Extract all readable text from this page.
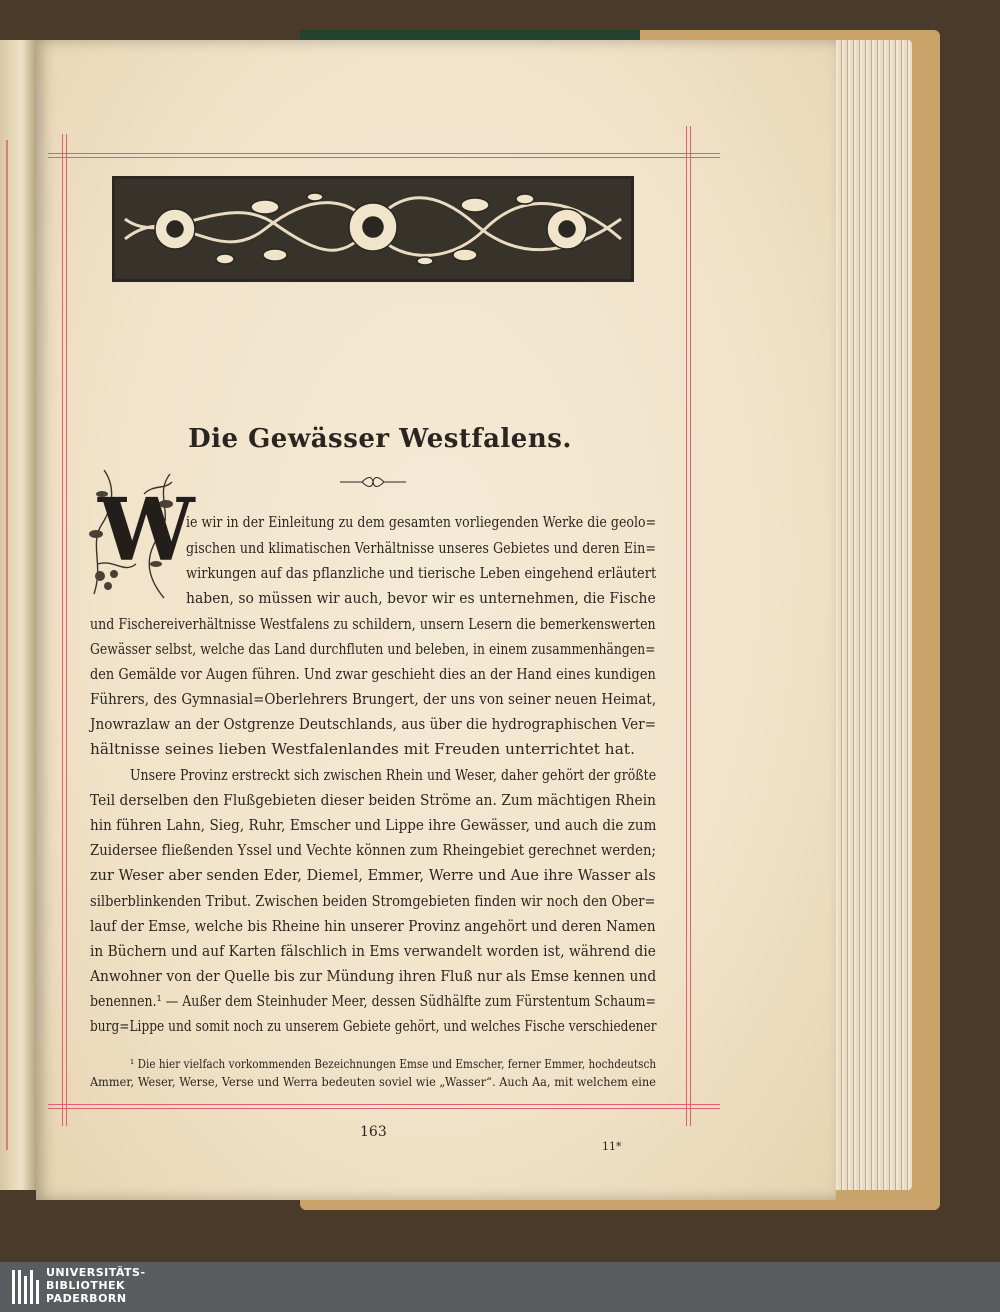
Die Gewässer Westfalens.
W
ie wir in der Einleitung zu dem gesamten vorliegenden Werke die geolo=
gischen und klimatischen Verhältnisse unseres Gebietes und deren Ein=
wirkungen auf das pflanzliche und tierische Leben eingehend erläutert
haben, so müssen wir auch, bevor wir es unternehmen, die Fische
und Fischereiverhältnisse Westfalens zu schildern, unsern Lesern die bemerkenswerten
Gewässer selbst, welche das Land durchfluten und beleben, in einem zusammenhängen=
den Gemälde vor Augen führen. Und zwar geschieht dies an der Hand eines kundigen
Führers, des Gymnasial=Oberlehrers Brungert, der uns von seiner neuen Heimat,
Jnowrazlaw an der Ostgrenze Deutschlands, aus über die hydrographischen Ver=
hältnisse seines lieben Westfalenlandes mit Freuden unterrichtet hat.
Unsere Provinz erstreckt sich zwischen Rhein und Weser, daher gehört der größte
Teil derselben den Flußgebieten dieser beiden Ströme an. Zum mächtigen Rhein
hin führen Lahn, Sieg, Ruhr, Emscher und Lippe ihre Gewässer, und auch die zum
Zuidersee fließenden Yssel und Vechte können zum Rheingebiet gerechnet werden;
zur Weser aber senden Eder, Diemel, Emmer, Werre und Aue ihre Wasser als
silberblinkenden Tribut. Zwischen beiden Stromgebieten finden wir noch den Ober=
lauf der Emse, welche bis Rheine hin unserer Provinz angehört und deren Namen
in Büchern und auf Karten fälschlich in Ems verwandelt worden ist, während die
Anwohner von der Quelle bis zur Mündung ihren Fluß nur als Emse kennen und
benennen.¹ — Außer dem Steinhuder Meer, dessen Südhälfte zum Fürstentum Schaum=
burg=Lippe und somit noch zu unserem Gebiete gehört, und welches Fische verschiedener
¹ Die hier vielfach vorkommenden Bezeichnungen Emse und Emscher, ferner Emmer, hochdeutsch
Ammer, Weser, Werse, Verse und Werra bedeuten soviel wie „Wasser“. Auch Aa, mit welchem eine
163
11*
UNIVERSITÄTS-
BIBLIOTHEK
PADERBORN
